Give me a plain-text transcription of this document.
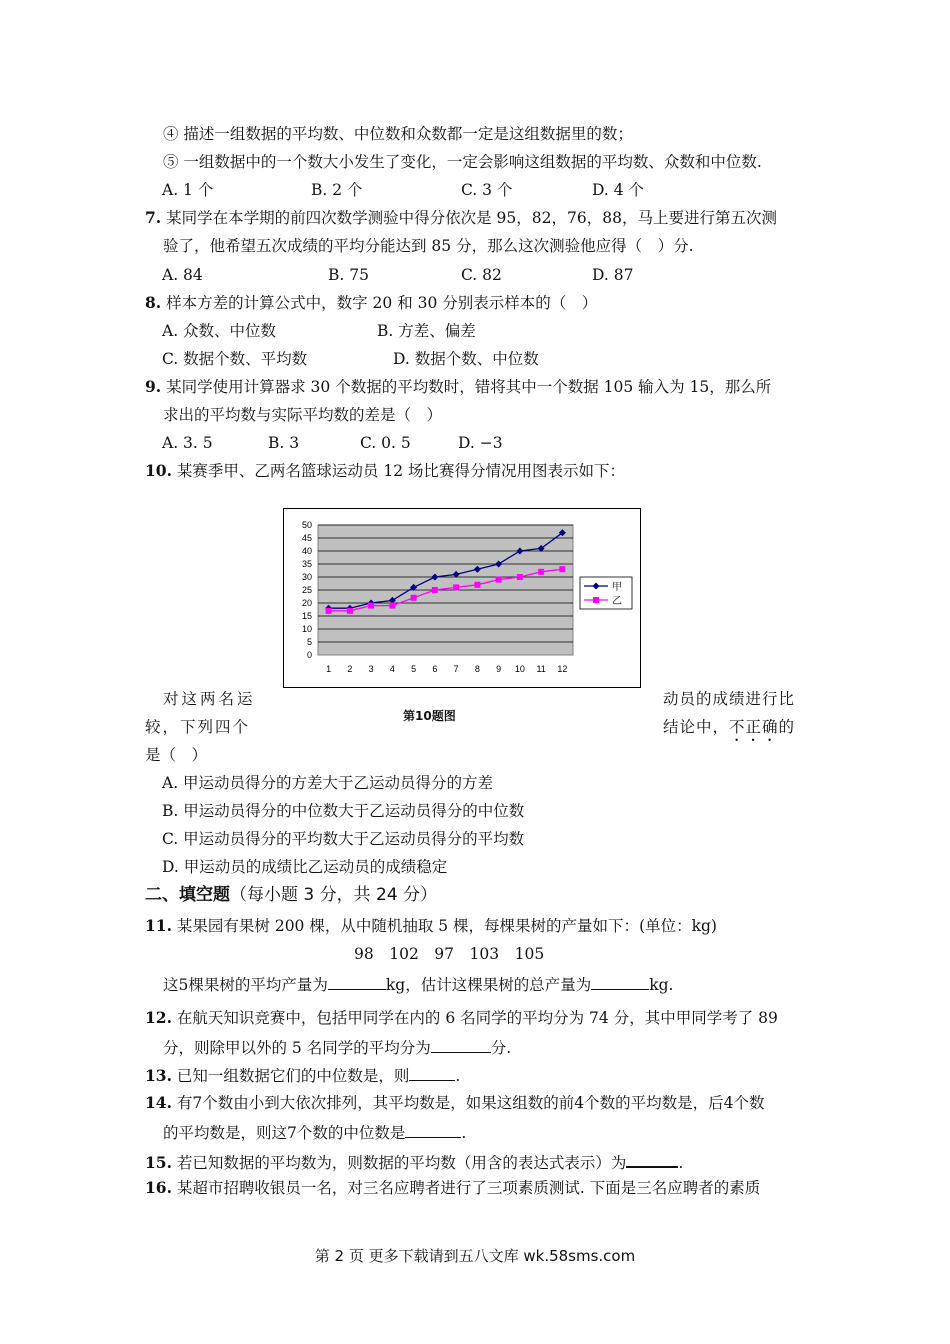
④ 描述一组数据的平均数、中位数和众数都一定是这组数据里的数；
⑤ 一组数据中的一个数大小发生了变化，一定会影响这组数据的平均数、众数和中位数.
A. 1 个	B. 2 个	C. 3 个	D. 4 个
7. 某同学在本学期的前四次数学测验中得分依次是 95，82，76，88，马上要进行第五次测
验了，他希望五次成绩的平均分能达到 85 分，那么这次测验他应得（　）分.
A. 84	B. 75	C. 82	D. 87
8. 样本方差的计算公式中，数字 20 和 30 分别表示样本的（　）
A. 众数、中位数	B. 方差、偏差
C. 数据个数、平均数	D. 数据个数、中位数
9. 某同学使用计算器求 30 个数据的平均数时，错将其中一个数据 105 输入为 15，那么所
求出的平均数与实际平均数的差是（　）
A. 3. 5	B. 3	C. 0. 5	D. −3
10. 某赛季甲、乙两名篮球运动员 12 场比赛得分情况用图表示如下：
0
5
10
15
20
25
30
35
40
45
50
1 2 3 4 5 6 7 8 9 10 11 12
甲
乙
对这两名运	动员的成绩进行比
第10题图
较，下列四个	结论中，不正确的
是（　）
A. 甲运动员得分的方差大于乙运动员得分的方差
B. 甲运动员得分的中位数大于乙运动员得分的中位数
C. 甲运动员得分的平均数大于乙运动员得分的平均数
D. 甲运动员的成绩比乙运动员的成绩稳定
二、填空题（每小题 3 分，共 24 分）
11. 某果园有果树 200 棵，从中随机抽取 5 棵，每棵果树的产量如下：(单位：kg)
98　102　97　103　105
这5棵果树的平均产量为	kg，估计这棵果树的总产量为	kg.
12. 在航天知识竞赛中，包括甲同学在内的 6 名同学的平均分为 74 分，其中甲同学考了 89
分，则除甲以外的 5 名同学的平均分为	分.
13. 已知一组数据它们的中位数是，则	.
14. 有7个数由小到大依次排列，其平均数是，如果这组数的前4个数的平均数是，后4个数
的平均数是，则这7个数的中位数是	.
15. 若已知数据的平均数为，则数据的平均数（用含的表达式表示）为	.
16. 某超市招聘收银员一名，对三名应聘者进行了三项素质测试. 下面是三名应聘者的素质
第 2 页 更多下载请到五八文库 wk.58sms.com
